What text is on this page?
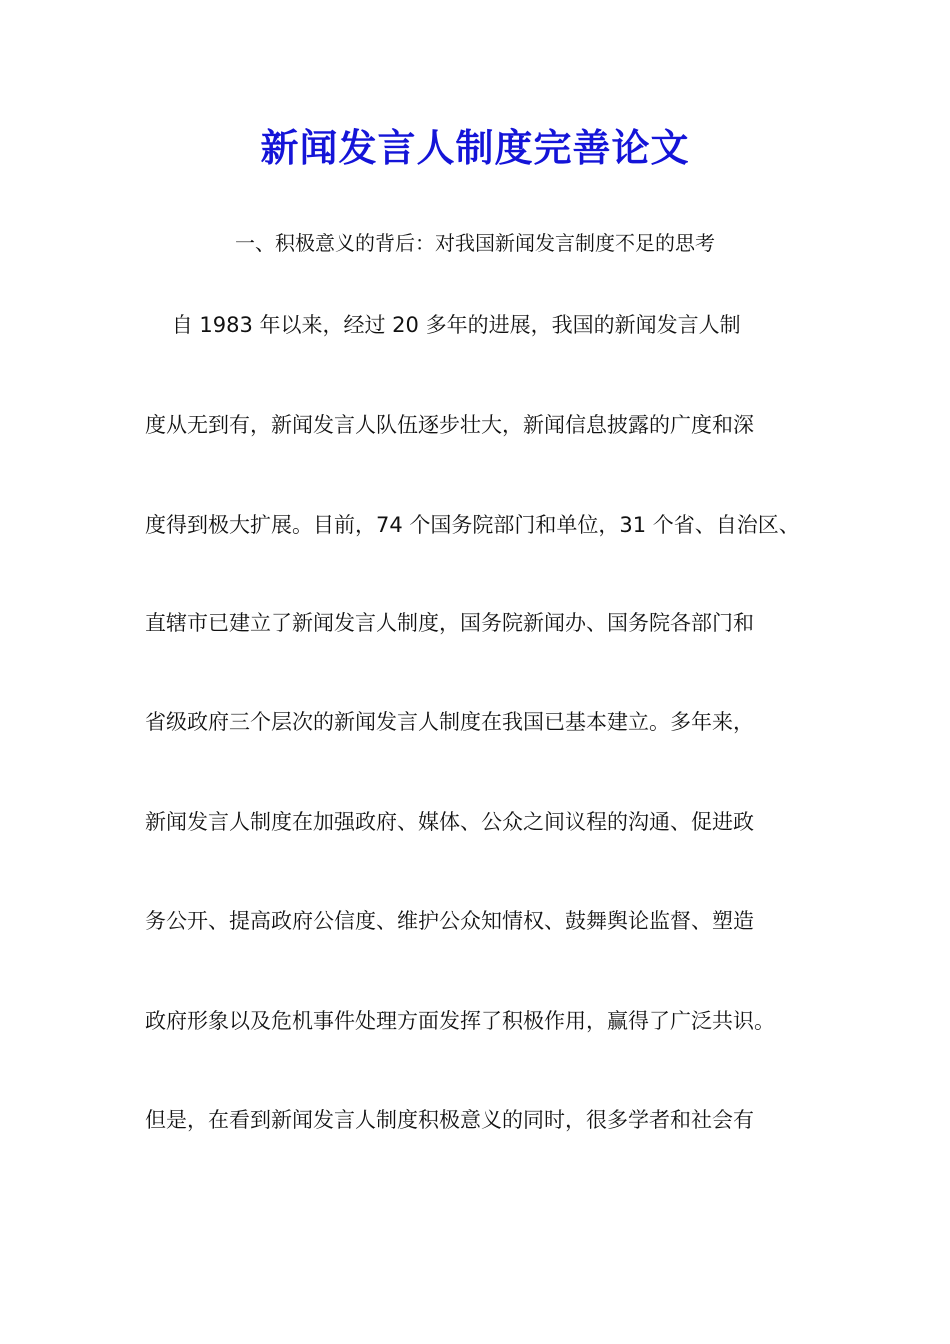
新闻发言人制度完善论文
一、积极意义的背后：对我国新闻发言制度不足的思考
自 1983 年以来，经过 20 多年的进展，我国的新闻发言人制
度从无到有，新闻发言人队伍逐步壮大，新闻信息披露的广度和深
度得到极大扩展。目前，74 个国务院部门和单位，31 个省、自治区、
直辖市已建立了新闻发言人制度，国务院新闻办、国务院各部门和
省级政府三个层次的新闻发言人制度在我国已基本建立。多年来，
新闻发言人制度在加强政府、媒体、公众之间议程的沟通、促进政
务公开、提高政府公信度、维护公众知情权、鼓舞舆论监督、塑造
政府形象以及危机事件处理方面发挥了积极作用，赢得了广泛共识。
但是，在看到新闻发言人制度积极意义的同时，很多学者和社会有
